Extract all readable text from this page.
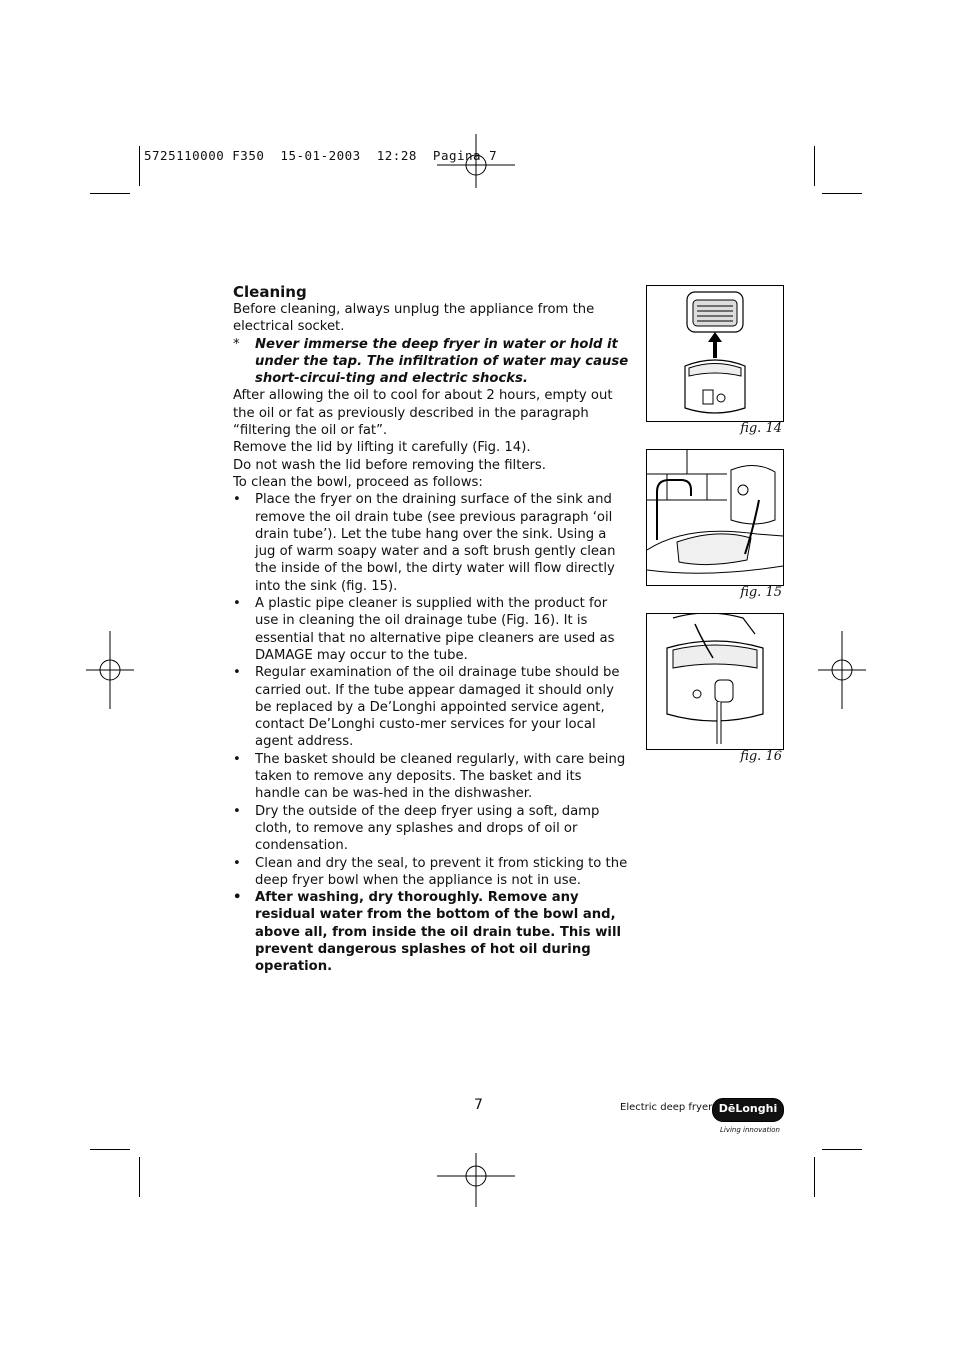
5725110000 F350  15-01-2003  12:28  Pagina 7

Cleaning

Before cleaning, always unplug the appliance from the electrical socket.

* Never immerse the deep fryer in water or hold it under the tap. The infiltration of water may cause short-circui-ting and electric shocks.

After allowing the oil to cool for about 2 hours, empty out the oil or fat as previously described in the paragraph “filtering the oil or fat”.

Remove the lid by lifting it carefully (Fig. 14).

Do not wash the lid before removing the filters.

To clean the bowl, proceed as follows:

• Place the fryer on the draining surface of the sink and remove the oil drain tube (see previous paragraph ‘oil drain tube’). Let the tube hang over the sink. Using a jug of warm soapy water and a soft brush gently clean the inside of the bowl, the dirty water will flow directly into the sink (fig. 15).
• A plastic pipe cleaner is supplied with the product for use in cleaning the oil drainage tube (Fig. 16). It is essential that no alternative pipe cleaners are used as DAMAGE may occur to the tube.
• Regular examination of the oil drainage tube should be carried out. If the tube appear damaged it should only be replaced by a De’Longhi appointed service agent, contact De’Longhi custo-mer services for your local agent address.
• The basket should be cleaned regularly, with care being taken to remove any deposits. The basket and its handle can be was-hed in the dishwasher.
• Dry the outside of the deep fryer using a soft, damp cloth, to remove any splashes and drops of oil or condensation.
• Clean and dry the seal, to prevent it from sticking to the deep fryer bowl when the appliance is not in use.
• After washing, dry thoroughly. Remove any residual water from the bottom of the bowl and, above all, from inside the oil drain tube. This will prevent dangerous splashes of hot oil during operation.
fig. 14
fig. 15
fig. 16
7	Electric deep fryer DēLonghi
Living innovation
